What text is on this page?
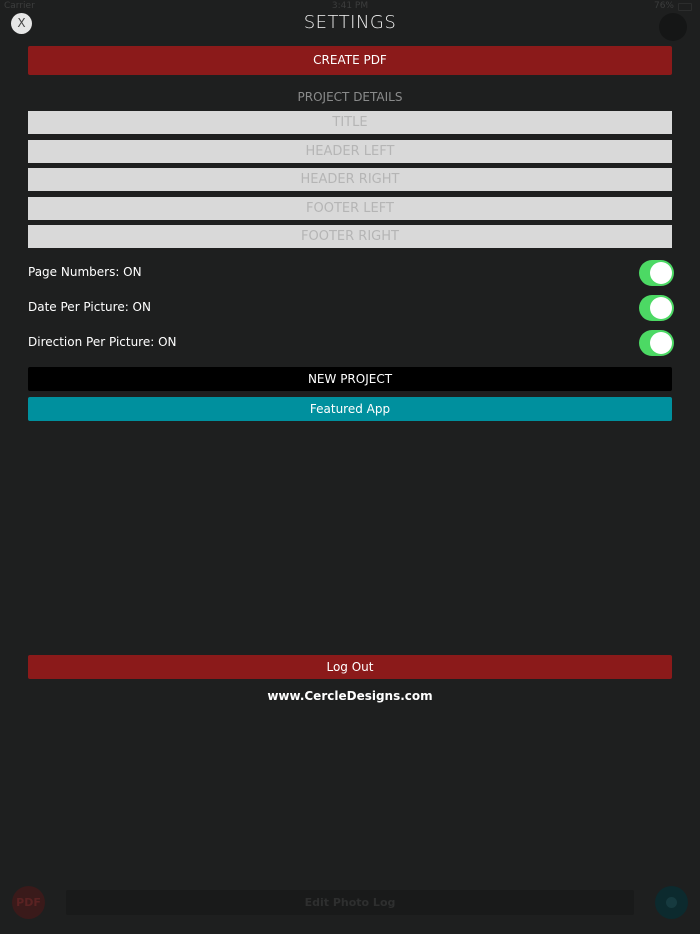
Carrier	3:41 PM	76%
X	SETTINGS
CREATE PDF
PROJECT DETAILS
TITLE
HEADER LEFT
HEADER RIGHT
FOOTER LEFT
FOOTER RIGHT
Page Numbers: ON
Date Per Picture: ON
Direction Per Picture: ON
NEW PROJECT
Featured App
Log Out
www.CercleDesigns.com
PDF	Edit Photo Log
